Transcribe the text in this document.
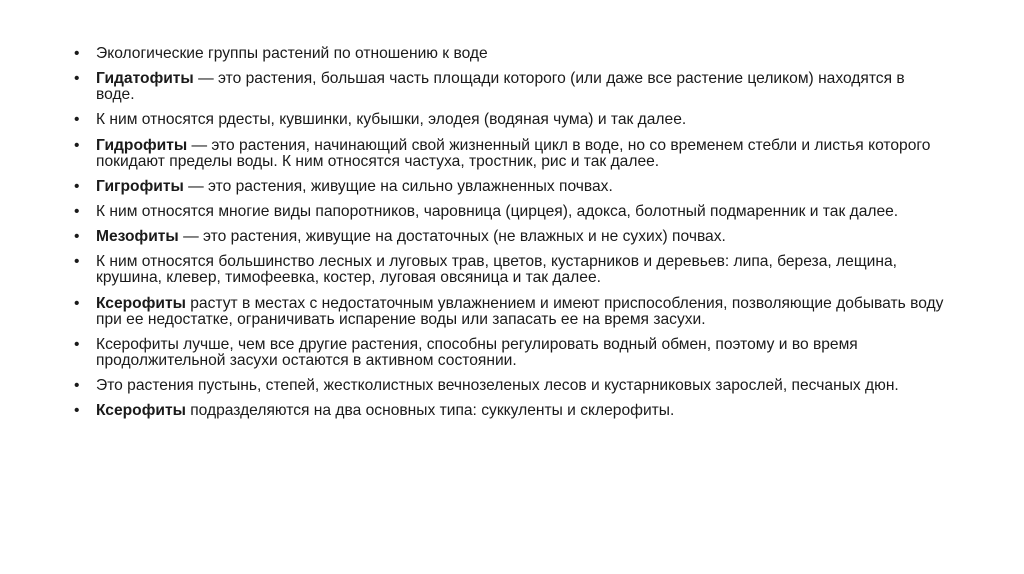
• Экологические группы растений по отношению к воде
• Гидатофиты — это растения, большая часть площади которого (или даже все растение целиком) находятся в воде.
• К ним относятся рдесты, кувшинки, кубышки, элодея (водяная чума) и так далее.
• Гидрофиты — это растения, начинающий свой жизненный цикл в воде, но со временем стебли и листья которого покидают пределы воды. К ним относятся частуха, тростник, рис и так далее.
• Гигрофиты — это растения, живущие на сильно увлажненных почвах.
• К ним относятся многие виды папоротников, чаровница (цирцея), адокса, болотный подмаренник и так далее.
• Мезофиты — это растения, живущие на достаточных (не влажных и не сухих) почвах.
• К ним относятся большинство лесных и луговых трав, цветов, кустарников и деревьев: липа, береза, лещина, крушина, клевер, тимофеевка, костер, луговая овсяница и так далее.
• Ксерофиты растут в местах с недостаточным увлажнением и имеют приспособления, позволяющие добывать воду при ее недостатке, ограничивать испарение воды или запасать ее на время засухи.
• Ксерофиты лучше, чем все другие растения, способны регулировать водный обмен, поэтому и во время продолжительной засухи остаются в активном состоянии.
• Это растения пустынь, степей, жестколистных вечнозеленых лесов и кустарниковых зарослей, песчаных дюн.
• Ксерофиты подразделяются на два основных типа: суккуленты и склерофиты.
